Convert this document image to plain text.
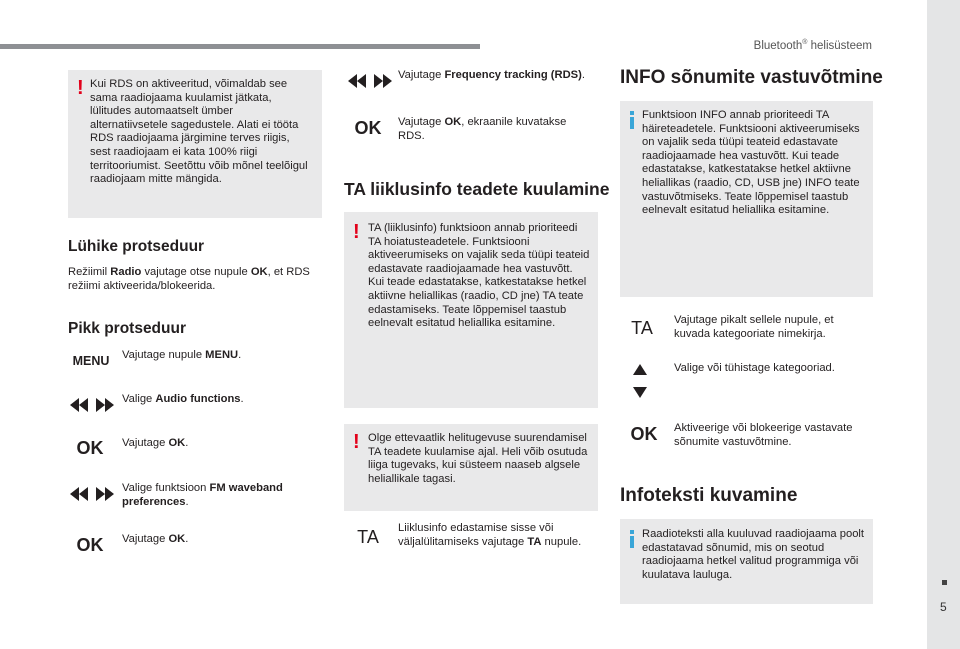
Bluetooth® helisüsteem
5
! Kui RDS on aktiveeritud, võimaldab see sama raadiojaama kuulamist jätkata, lülitudes automaatselt ümber alternatiivsetele sagedustele. Alati ei tööta RDS raadiojaama järgimine terves riigis, sest raadiojaam ei kata 100% riigi territooriumist. Seetõttu võib mõnel teelõigul raadiojaam mitte mängida.

Lühike protseduur
Režiimil Radio vajutage otse nupule OK, et RDS režiimi aktiveerida/blokeerida.
Pikk protseduur
MENU	Vajutage nupule MENU.
Valige Audio functions.
OK	Vajutage OK.
Valige funktsioon FM waveband preferences.
OK	Vajutage OK.
Vajutage Frequency tracking (RDS).
OK	Vajutage OK, ekraanile kuvatakse RDS.
TA liiklusinfo teadete kuulamine
! TA (liiklusinfo) funktsioon annab prioriteedi TA hoiatusteadetele. Funktsiooni aktiveerumiseks on vajalik seda tüüpi teateid edastavate raadiojaamade hea vastuvõtt. Kui teade edastatakse, katkestatakse hetkel aktiivne heliallikas (raadio, CD jne) TA teate edastamiseks. Teate lõppemisel taastub eelnevalt esitatud heliallika esitamine.

! Olge ettevaatlik helitugevuse suurendamisel TA teadete kuulamise ajal. Heli võib osutuda liiga tugevaks, kui süsteem naaseb algsele heliallikale tagasi.

TA	Liiklusinfo edastamise sisse või väljalülitamiseks vajutage TA nupule.
INFO sõnumite vastuvõtmine

Funktsioon INFO annab prioriteedi TA häireteadetele. Funktsiooni aktiveerumiseks on vajalik seda tüüpi teateid edastavate raadiojaamade hea vastuvõtt. Kui teade edastatakse, katkestatakse hetkel aktiivne heliallikas (raadio, CD, USB jne) INFO teate vastuvõtmiseks. Teate lõppemisel taastub eelnevalt esitatud heliallika esitamine.

TA	Vajutage pikalt sellele nupule, et kuvada kategooriate nimekirja.
Valige või tühistage kategooriad.
OK	Aktiveerige või blokeerige vastavate sõnumite vastuvõtmine.
Infoteksti kuvamine

Raadioteksti alla kuuluvad raadiojaama poolt edastatavad sõnumid, mis on seotud raadiojaama hetkel valitud programmiga või kuulatava lauluga.
